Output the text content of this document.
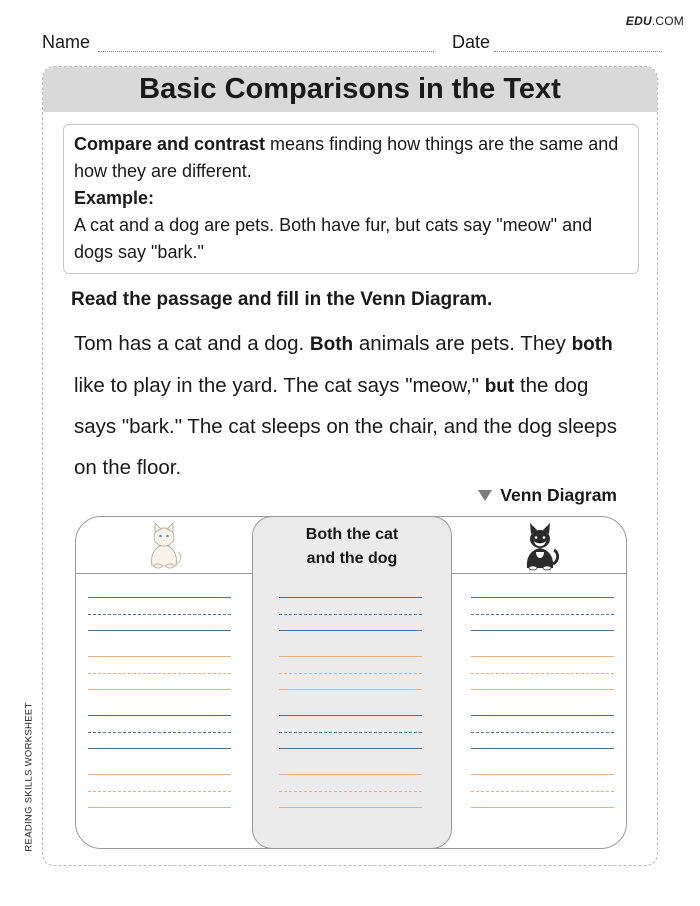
EDU.COM
Name	Date
READING SKILLS WORKSHEET
Basic Comparisons in the Text
Compare and contrast means finding how things are the same and how they are different.
Example:
A cat and a dog are pets. Both have fur, but cats say "meow" and dogs say "bark."
Read the passage and fill in the Venn Diagram.
Tom has a cat and a dog. Both animals are pets. They both like to play in the yard. The cat says "meow," but the dog says "bark." The cat sleeps on the chair, and the dog sleeps on the floor.
Venn Diagram
Both the cat
and the dog
